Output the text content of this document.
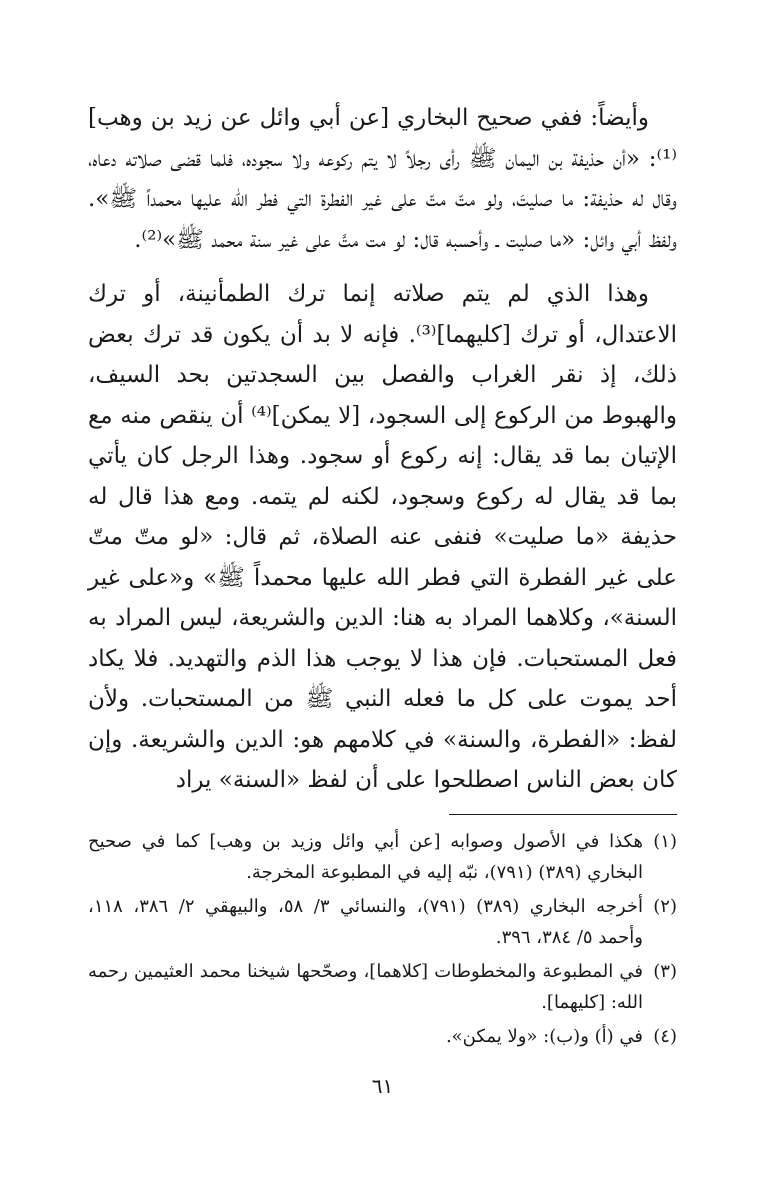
وأيضاً: ففي صحيح البخاري [عن أبي وائل عن زيد بن وهب]⁽¹⁾: «أن حذيفة بن اليمان ﷺ رأى رجلاً لا يتم ركوعه ولا سجوده، فلما قضى صلاته دعاه، وقال له حذيفة: ما صليتَ، ولو متّ متّ على غير الفطرة التي فطر الله عليها محمداً ﷺ». ولفظ أبي وائل: «ما صليت ـ وأحسبه قال: لو مت متَّ على غير سنة محمد ﷺ»⁽²⁾.

وهذا الذي لم يتم صلاته إنما ترك الطمأنينة، أو ترك الاعتدال، أو ترك [كليهما]⁽³⁾. فإنه لا بد أن يكون قد ترك بعض ذلك، إذ نقر الغراب والفصل بين السجدتين بحد السيف، والهبوط من الركوع إلى السجود، [لا يمكن]⁽⁴⁾ أن ينقص منه مع الإتيان بما قد يقال: إنه ركوع أو سجود. وهذا الرجل كان يأتي بما قد يقال له ركوع وسجود، لكنه لم يتمه. ومع هذا قال له حذيفة «ما صليت» فنفى عنه الصلاة، ثم قال: «لو متّ متّ على غير الفطرة التي فطر الله عليها محمداً ﷺ» و«على غير السنة»، وكلاهما المراد به هنا: الدين والشريعة، ليس المراد به فعل المستحبات. فإن هذا لا يوجب هذا الذم والتهديد. فلا يكاد أحد يموت على كل ما فعله النبي ﷺ من المستحبات. ولأن لفظ: «الفطرة، والسنة» في كلامهم هو: الدين والشريعة. وإن كان بعض الناس اصطلحوا على أن لفظ «السنة» يراد

(١)
هكذا في الأصول وصوابه [عن أبي وائل وزيد بن وهب] كما في صحيح البخاري (٣٨٩) (٧٩١)، نبّه إليه في المطبوعة المخرجة.
(٢)
أخرجه البخاري (٣٨٩) (٧٩١)، والنسائي ٣/ ٥٨، والبيهقي ٢/ ٣٨٦، ١١٨، وأحمد ٥/ ٣٨٤، ٣٩٦.
(٣)
في المطبوعة والمخطوطات [كلاهما]، وصحّحها شيخنا محمد العثيمين رحمه الله: [كليهما].
(٤)
في (أ) و(ب): «ولا يمكن».
٦١
